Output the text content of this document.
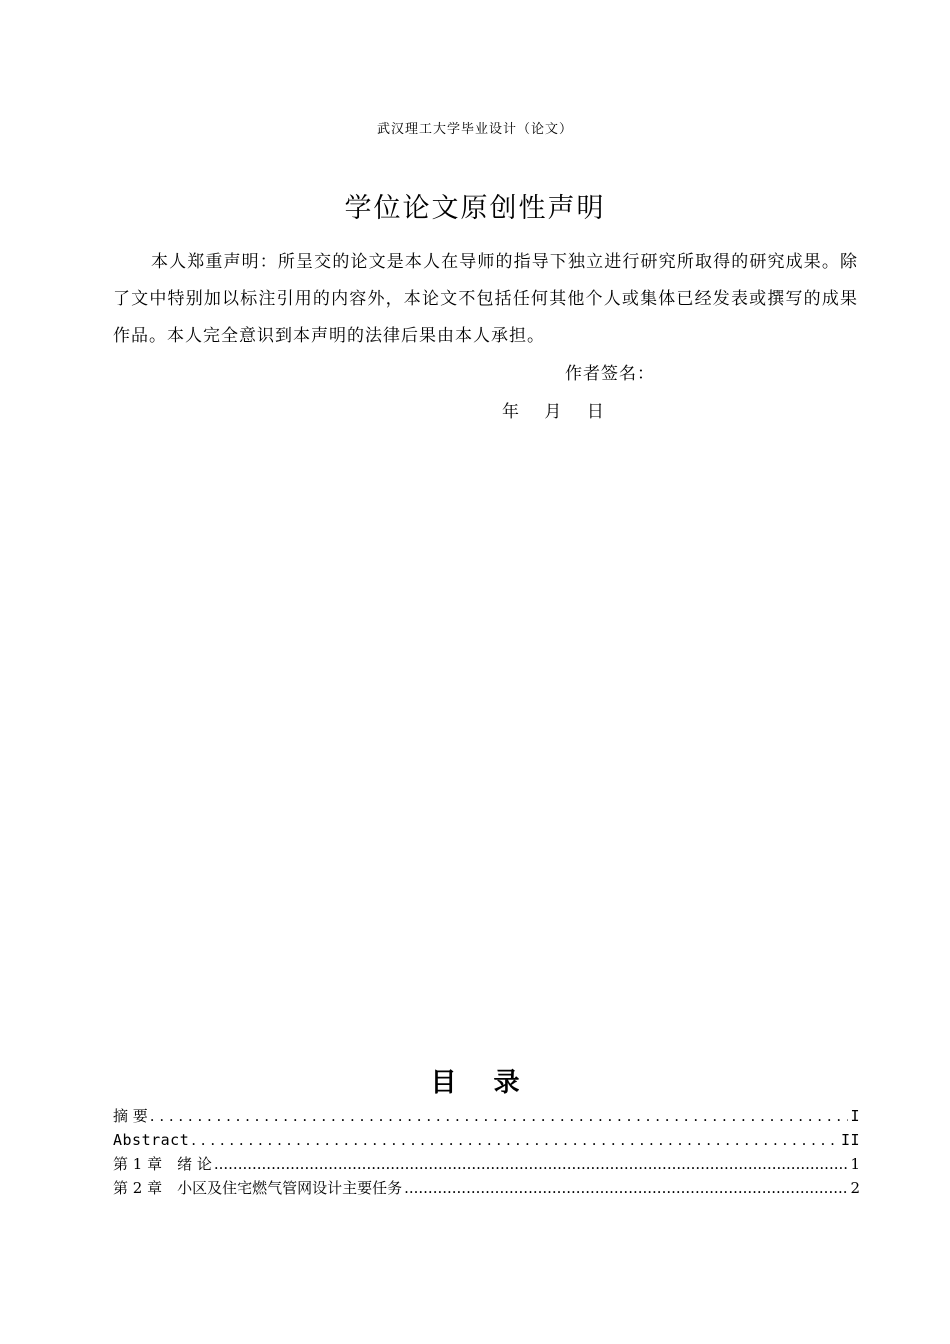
武汉理工大学毕业设计（论文）
学位论文原创性声明
本人郑重声明：所呈交的论文是本人在导师的指导下独立进行研究所取得的研究成果。除了文中特别加以标注引用的内容外，本论文不包括任何其他个人或集体已经发表或撰写的成果作品。本人完全意识到本声明的法律后果由本人承担。
作者签名：
年 月 日
目 录
摘 要 . . .	I
Abstract . . .	II
第 1 章　绪 论 .....	1
第 2 章　小区及住宅燃气管网设计主要任务 .....	2
